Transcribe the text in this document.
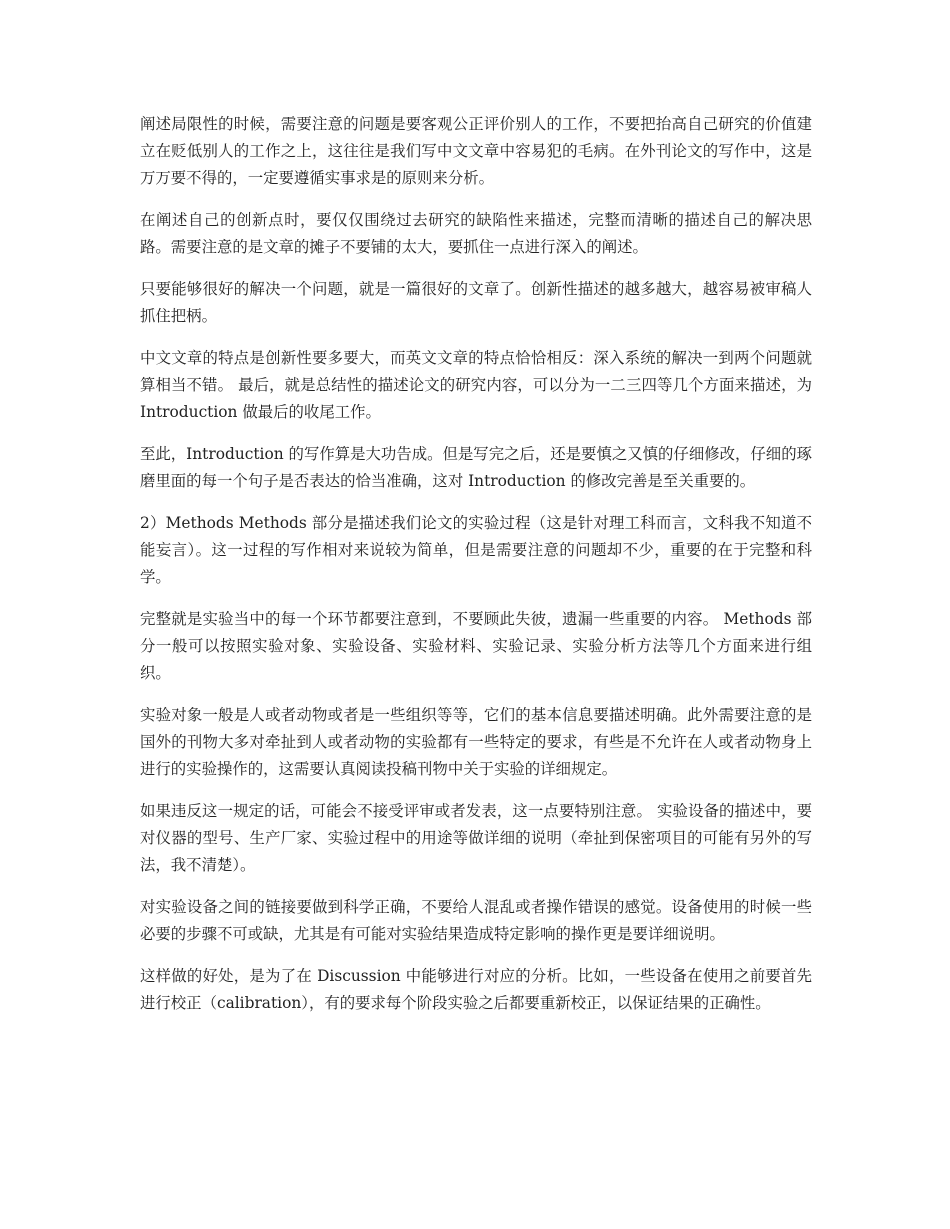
阐述局限性的时候，需要注意的问题是要客观公正评价别人的工作，不要把抬高自己研究的价值建立在贬低别人的工作之上，这往往是我们写中文文章中容易犯的毛病。在外刊论文的写作中，这是万万要不得的，一定要遵循实事求是的原则来分析。

在阐述自己的创新点时，要仅仅围绕过去研究的缺陷性来描述，完整而清晰的描述自己的解决思路。需要注意的是文章的摊子不要铺的太大，要抓住一点进行深入的阐述。

只要能够很好的解决一个问题，就是一篇很好的文章了。创新性描述的越多越大，越容易被审稿人抓住把柄。

中文文章的特点是创新性要多要大，而英文文章的特点恰恰相反：深入系统的解决一到两个问题就算相当不错。 最后，就是总结性的描述论文的研究内容，可以分为一二三四等几个方面来描述，为 Introduction 做最后的收尾工作。

至此，Introduction 的写作算是大功告成。但是写完之后，还是要慎之又慎的仔细修改，仔细的琢磨里面的每一个句子是否表达的恰当准确，这对 Introduction 的修改完善是至关重要的。

2）Methods Methods 部分是描述我们论文的实验过程（这是针对理工科而言，文科我不知道不能妄言）。这一过程的写作相对来说较为简单，但是需要注意的问题却不少，重要的在于完整和科学。

完整就是实验当中的每一个环节都要注意到，不要顾此失彼，遗漏一些重要的内容。 Methods 部分一般可以按照实验对象、实验设备、实验材料、实验记录、实验分析方法等几个方面来进行组织。

实验对象一般是人或者动物或者是一些组织等等，它们的基本信息要描述明确。此外需要注意的是国外的刊物大多对牵扯到人或者动物的实验都有一些特定的要求，有些是不允许在人或者动物身上进行的实验操作的，这需要认真阅读投稿刊物中关于实验的详细规定。

如果违反这一规定的话，可能会不接受评审或者发表，这一点要特别注意。 实验设备的描述中，要对仪器的型号、生产厂家、实验过程中的用途等做详细的说明（牵扯到保密项目的可能有另外的写法，我不清楚）。

对实验设备之间的链接要做到科学正确，不要给人混乱或者操作错误的感觉。设备使用的时候一些必要的步骤不可或缺，尤其是有可能对实验结果造成特定影响的操作更是要详细说明。

这样做的好处，是为了在 Discussion 中能够进行对应的分析。比如，一些设备在使用之前要首先进行校正（calibration），有的要求每个阶段实验之后都要重新校正，以保证结果的正确性。
